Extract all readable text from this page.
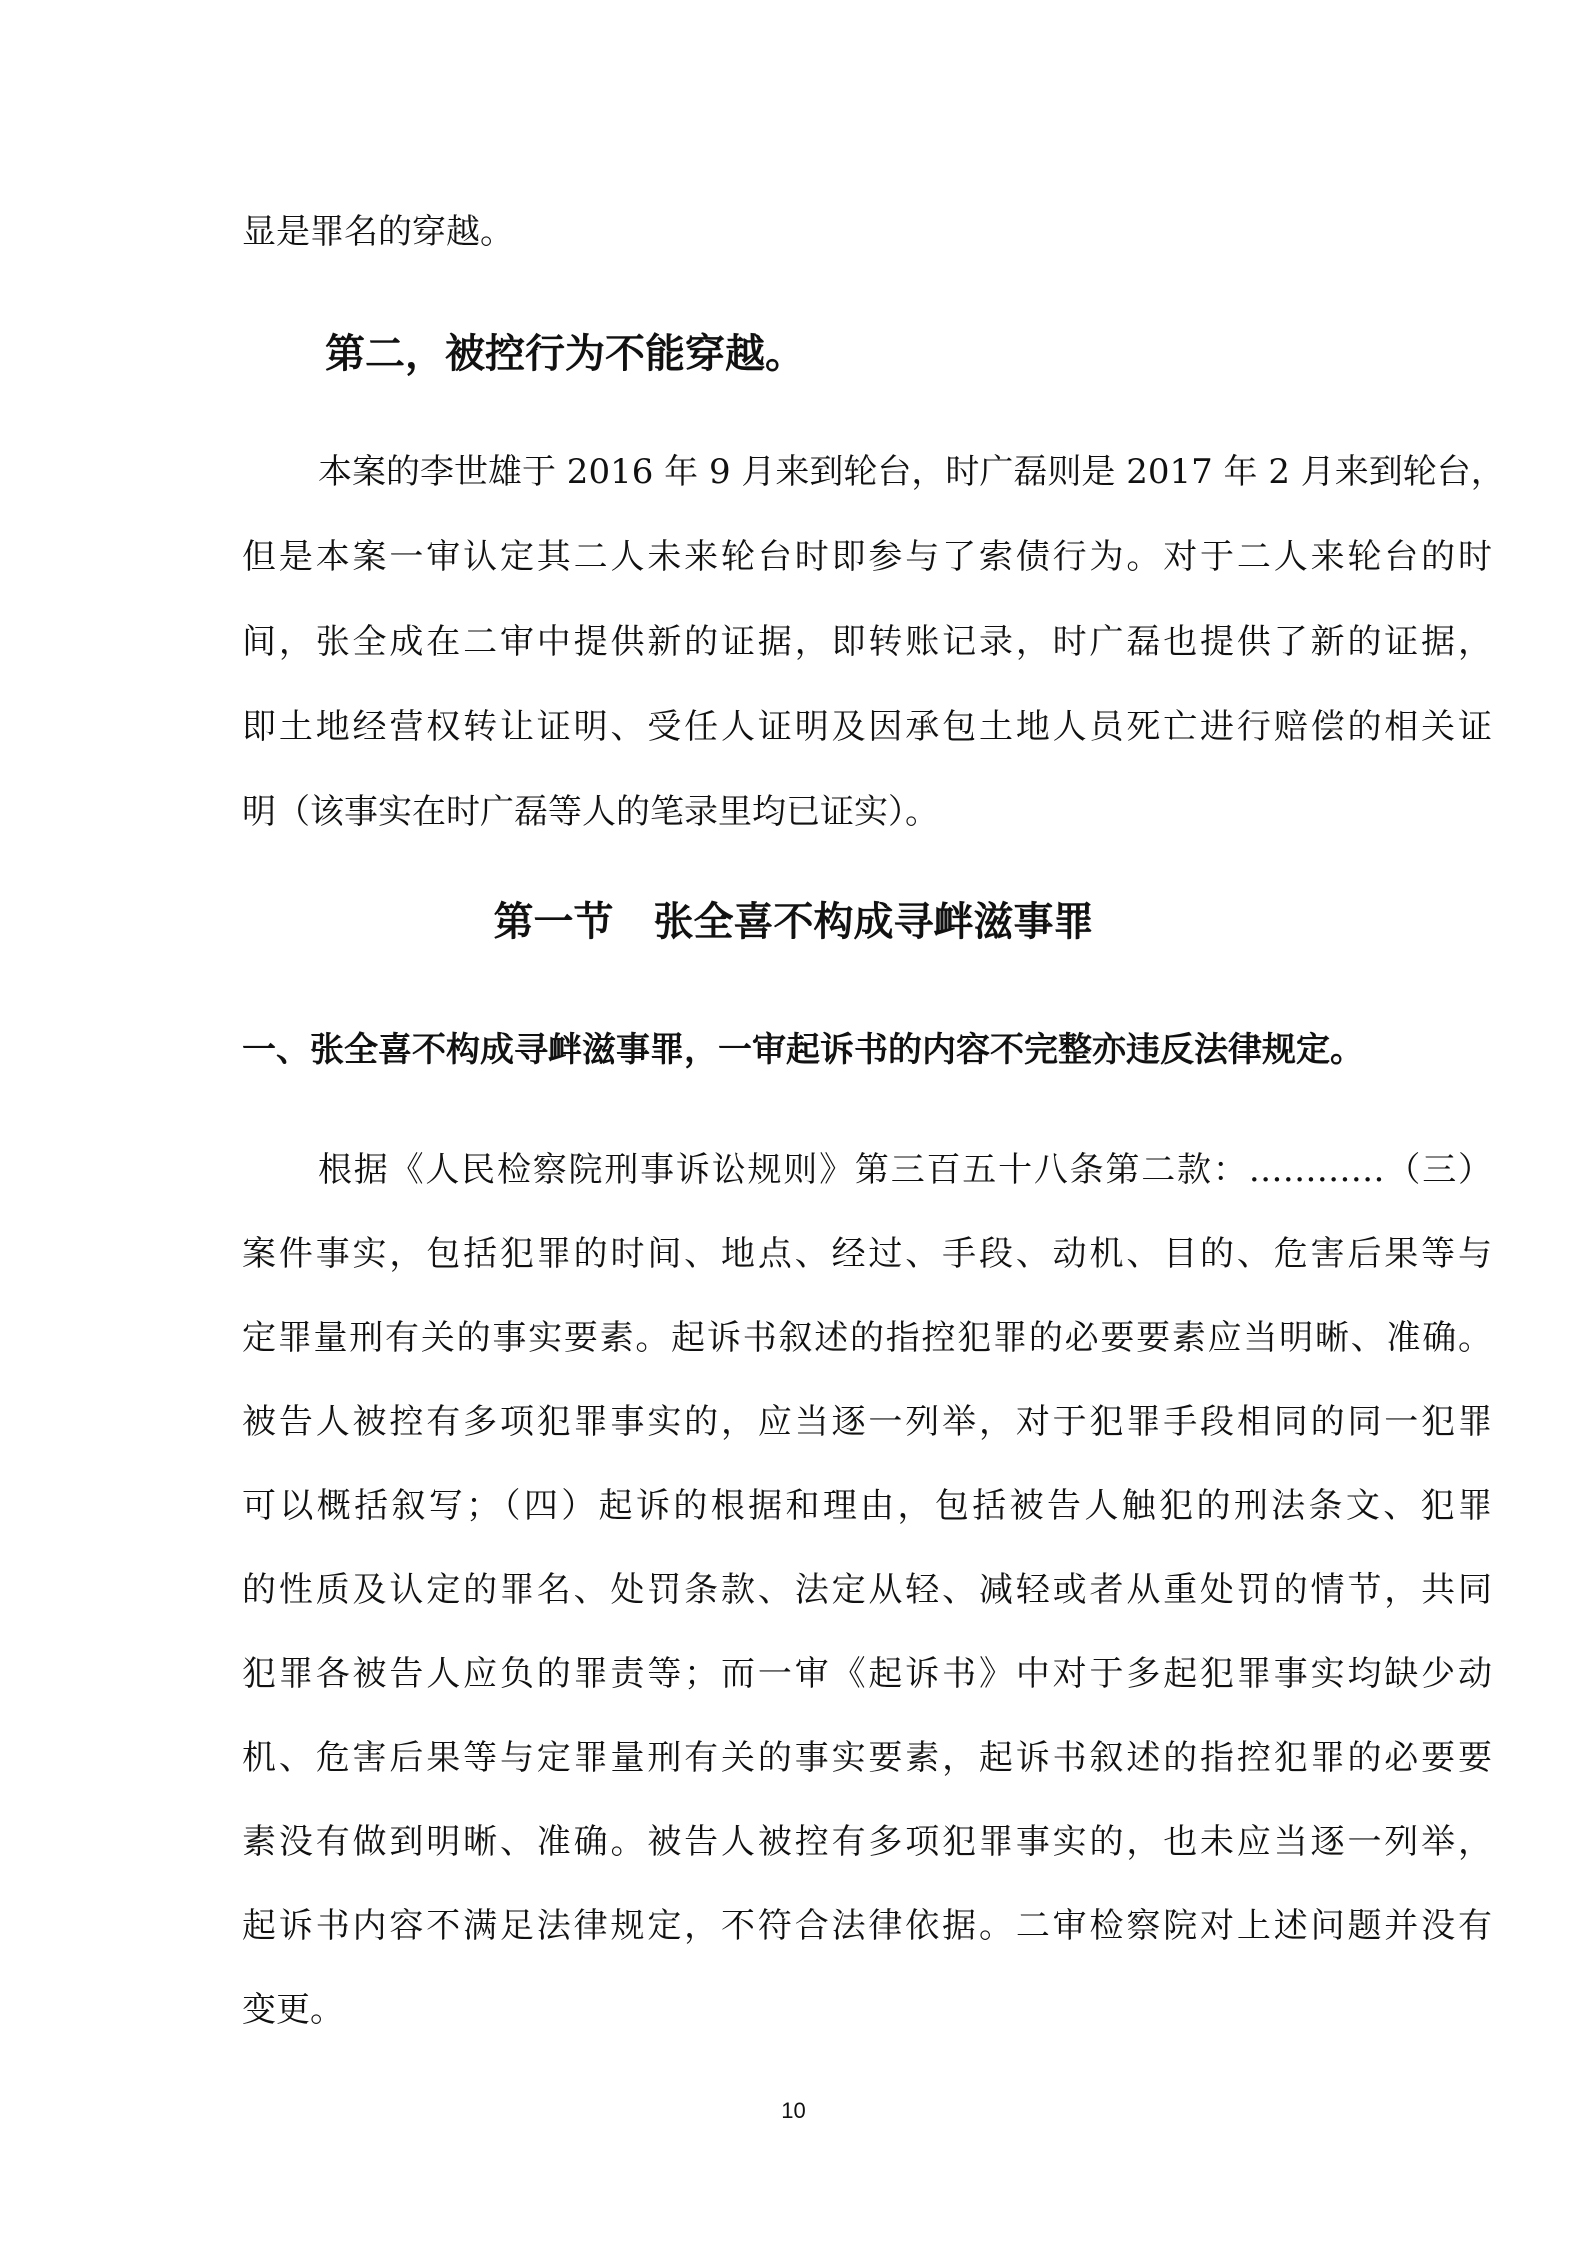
显是罪名的穿越。

第二，被控行为不能穿越。

本案的李世雄于 2016 年 9 月来到轮台，时广磊则是 2017 年 2 月来到轮台，

但是本案一审认定其二人未来轮台时即参与了索债行为。对于二人来轮台的时

间，张全成在二审中提供新的证据，即转账记录，时广磊也提供了新的证据，

即土地经营权转让证明、受任人证明及因承包土地人员死亡进行赔偿的相关证

明（该事实在时广磊等人的笔录里均已证实）。

第一节　张全喜不构成寻衅滋事罪
一、张全喜不构成寻衅滋事罪，一审起诉书的内容不完整亦违反法律规定。

根据《人民检察院刑事诉讼规则》第三百五十八条第二款：…………（三）

案件事实，包括犯罪的时间、地点、经过、手段、动机、目的、危害后果等与

定罪量刑有关的事实要素。起诉书叙述的指控犯罪的必要要素应当明晰、准确。

被告人被控有多项犯罪事实的，应当逐一列举，对于犯罪手段相同的同一犯罪

可以概括叙写；（四）起诉的根据和理由，包括被告人触犯的刑法条文、犯罪

的性质及认定的罪名、处罚条款、法定从轻、减轻或者从重处罚的情节，共同

犯罪各被告人应负的罪责等；而一审《起诉书》中对于多起犯罪事实均缺少动

机、危害后果等与定罪量刑有关的事实要素，起诉书叙述的指控犯罪的必要要

素没有做到明晰、准确。被告人被控有多项犯罪事实的，也未应当逐一列举，

起诉书内容不满足法律规定，不符合法律依据。二审检察院对上述问题并没有

变更。

10
